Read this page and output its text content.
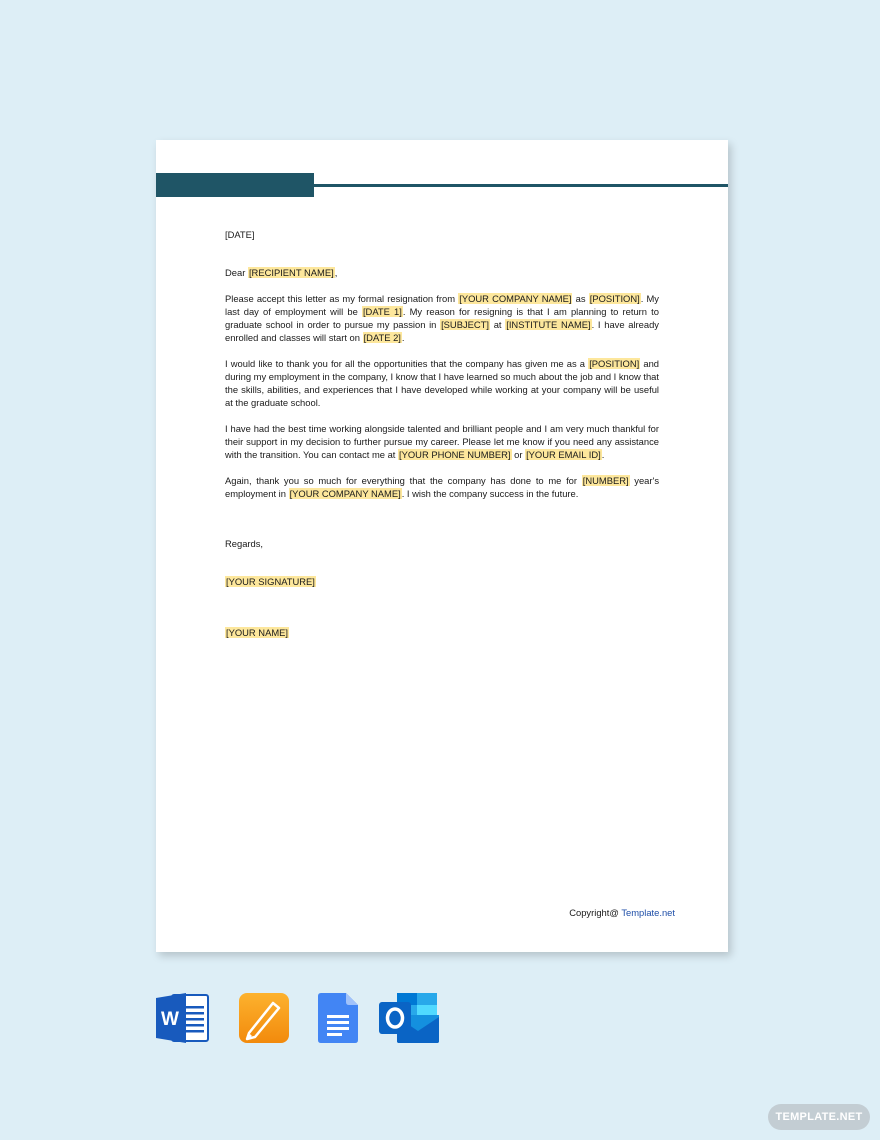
[DATE]

Dear [RECIPIENT NAME],

Please accept this letter as my formal resignation from [YOUR COMPANY NAME] as [POSITION]. My last day of employment will be [DATE 1]. My reason for resigning is that I am planning to return to graduate school in order to pursue my passion in [SUBJECT] at [INSTITUTE NAME]. I have already enrolled and classes will start on [DATE 2].

I would like to thank you for all the opportunities that the company has given me as a [POSITION] and during my employment in the company, I know that I have learned so much about the job and I know that the skills, abilities, and experiences that I have developed while working at your company will be useful at the graduate school.

I have had the best time working alongside talented and brilliant people and I am very much thankful for their support in my decision to further pursue my career. Please let me know if you need any assistance with the transition. You can contact me at [YOUR PHONE NUMBER] or [YOUR EMAIL ID].

Again, thank you so much for everything that the company has done to me for [NUMBER] year's employment in [YOUR COMPANY NAME]. I wish the company success in the future.

Regards,

[YOUR SIGNATURE]

[YOUR NAME]

Copyright@ Template.net
W
TEMPLATE.NET
